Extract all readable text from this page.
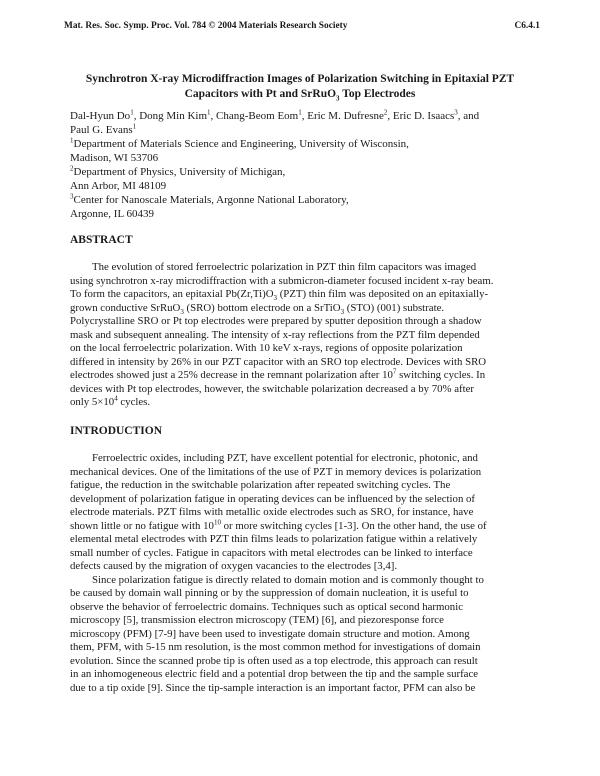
Mat. Res. Soc. Symp. Proc. Vol. 784 © 2004 Materials Research Society	C6.4.1
Synchrotron X-ray Microdiffraction Images of Polarization Switching in Epitaxial PZT
Capacitors with Pt and SrRuO$_3$ Top Electrodes
Dal-Hyun Do$^1$, Dong Min Kim$^1$, Chang-Beom Eom$^1$, Eric M. Dufresne$^2$, Eric D. Isaacs$^3$, and
Paul G. Evans$^1$
$^1$Department of Materials Science and Engineering, University of Wisconsin,
Madison, WI 53706
$^2$Department of Physics, University of Michigan,
Ann Arbor, MI 48109
$^3$Center for Nanoscale Materials, Argonne National Laboratory,
Argonne, IL 60439
ABSTRACT
The evolution of stored ferroelectric polarization in PZT thin film capacitors was imaged
using synchrotron x-ray microdiffraction with a submicron-diameter focused incident x-ray beam.
To form the capacitors, an epitaxial $Pb(Zr,Ti)O_3$ (PZT) thin film was deposited on an epitaxially-
grown conductive SrRuO$_3$ (SRO) bottom electrode on a SrTiO$_3$ (STO) (001) substrate.
Polycrystalline SRO or Pt top electrodes were prepared by sputter deposition through a shadow
mask and subsequent annealing. The intensity of x-ray reflections from the PZT film depended
on the local ferroelectric polarization. With 10 keV x-rays, regions of opposite polarization
differed in intensity by 26% in our PZT capacitor with an SRO top electrode. Devices with SRO
electrodes showed just a 25% decrease in the remnant polarization after $10^7$ switching cycles. In
devices with Pt top electrodes, however, the switchable polarization decreased a by 70% after
only $5\times 10^4$ cycles.
INTRODUCTION
Ferroelectric oxides, including PZT, have excellent potential for electronic, photonic, and
mechanical devices. One of the limitations of the use of PZT in memory devices is polarization
fatigue, the reduction in the switchable polarization after repeated switching cycles. The
development of polarization fatigue in operating devices can be influenced by the selection of
electrode materials. PZT films with metallic oxide electrodes such as SRO, for instance, have
shown little or no fatigue with $10^{10}$ or more switching cycles [1-3]. On the other hand, the use of
elemental metal electrodes with PZT thin films leads to polarization fatigue within a relatively
small number of cycles. Fatigue in capacitors with metal electrodes can be linked to interface
defects caused by the migration of oxygen vacancies to the electrodes [3,4].
Since polarization fatigue is directly related to domain motion and is commonly thought to
be caused by domain wall pinning or by the suppression of domain nucleation, it is useful to
observe the behavior of ferroelectric domains. Techniques such as optical second harmonic
microscopy [5], transmission electron microscopy (TEM) [6], and piezoresponse force
microscopy (PFM) [7-9] have been used to investigate domain structure and motion. Among
them, PFM, with 5-15 nm resolution, is the most common method for investigations of domain
evolution. Since the scanned probe tip is often used as a top electrode, this approach can result
in an inhomogeneous electric field and a potential drop between the tip and the sample surface
due to a tip oxide [9]. Since the tip-sample interaction is an important factor, PFM can also be
